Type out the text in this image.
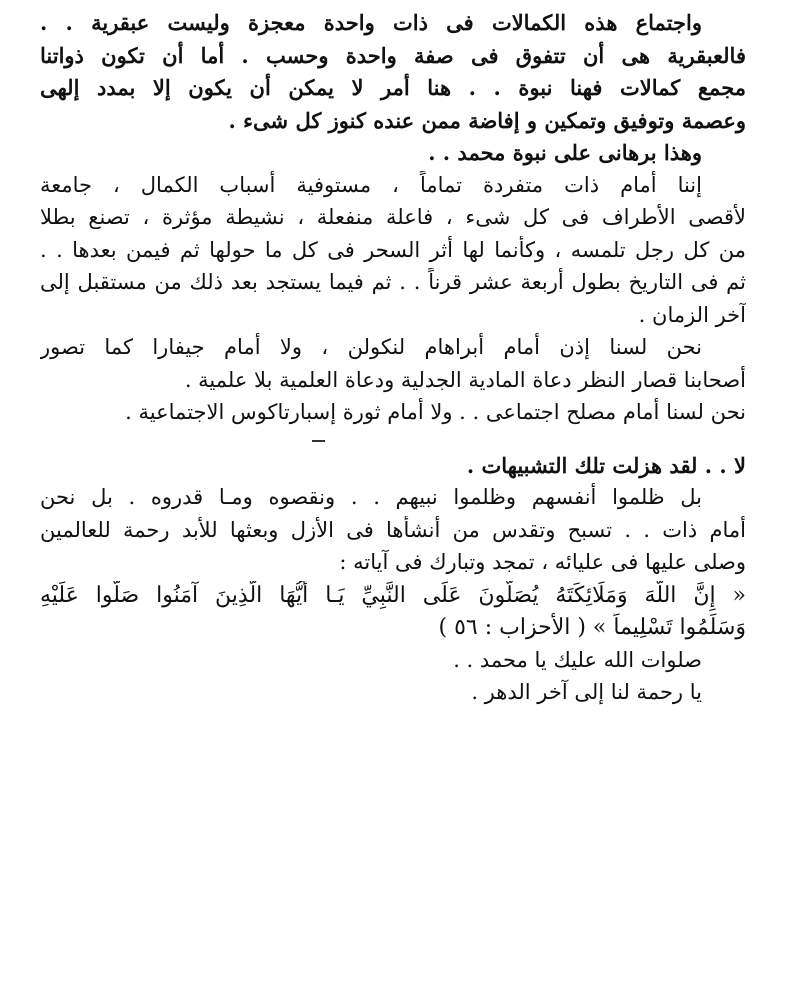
واجتماع هذه الكمالات فى ذات واحدة معجزة وليست عبقرية . .
فالعبقرية هى أن تتفوق فى صفة واحدة وحسب . أما أن تكون ذواتنا
مجمع كمالات فهنا نبوة . . هنا أمر لا يمكن أن يكون إلا بمدد إلهى
وعصمة وتوفيق وتمكين و إفاضة ممن عنده كنوز كل شىء .
وهذا برهانى على نبوة محمد . .
إننا أمام ذات متفردة تماماً ، مستوفية أسباب الكمال ، جامعة
لأقصى الأطراف فى كل شىء ، فاعلة منفعلة ، نشيطة مؤثرة ، تصنع بطلا
من كل رجل تلمسه ، وكأنما لها أثر السحر فى كل ما حولها ثم فيمن بعدها . .
ثم فى التاريخ بطول أربعة عشر قرناً . . ثم فيما يستجد بعد ذلك من مستقبل إلى
آخر الزمان .
نحن لسنا إذن أمام أبراهام لنكولن ، ولا أمام جيفارا كما تصور
أصحابنا قصار النظر دعاة المادية الجدلية ودعاة العلمية بلا علمية .
نحن لسنا أمام مصلح اجتماعى . . ولا أمام ثورة إسبارتاكوس الاجتماعية .
لا . . لقد هزلت تلك التشبيهات .
بل ظلموا أنفسهم وظلموا نبيهم . . ونقصوه ومـا قدروه . بل نحن
أمام ذات . . تسبح وتقدس من أنشأها فى الأزل وبعثها للأبد رحمة للعالمين
وصلى عليها فى عليائه ، تمجد وتبارك فى آياته :
« إِنَّ اللَّهَ وَمَلَائِكَتَهُ يُصَلُّونَ عَلَى النَّبِيِّ يَـا أَيُّهَا الَّذِينَ آمَنُوا صَلُّوا عَلَيْهِ
وَسَلِّمُوا تَسْلِيماً » ( الأحزاب : ٥٦ )
صلوات الله عليك يا محمد . .
يا رحمة لنا إلى آخر الدهر .
